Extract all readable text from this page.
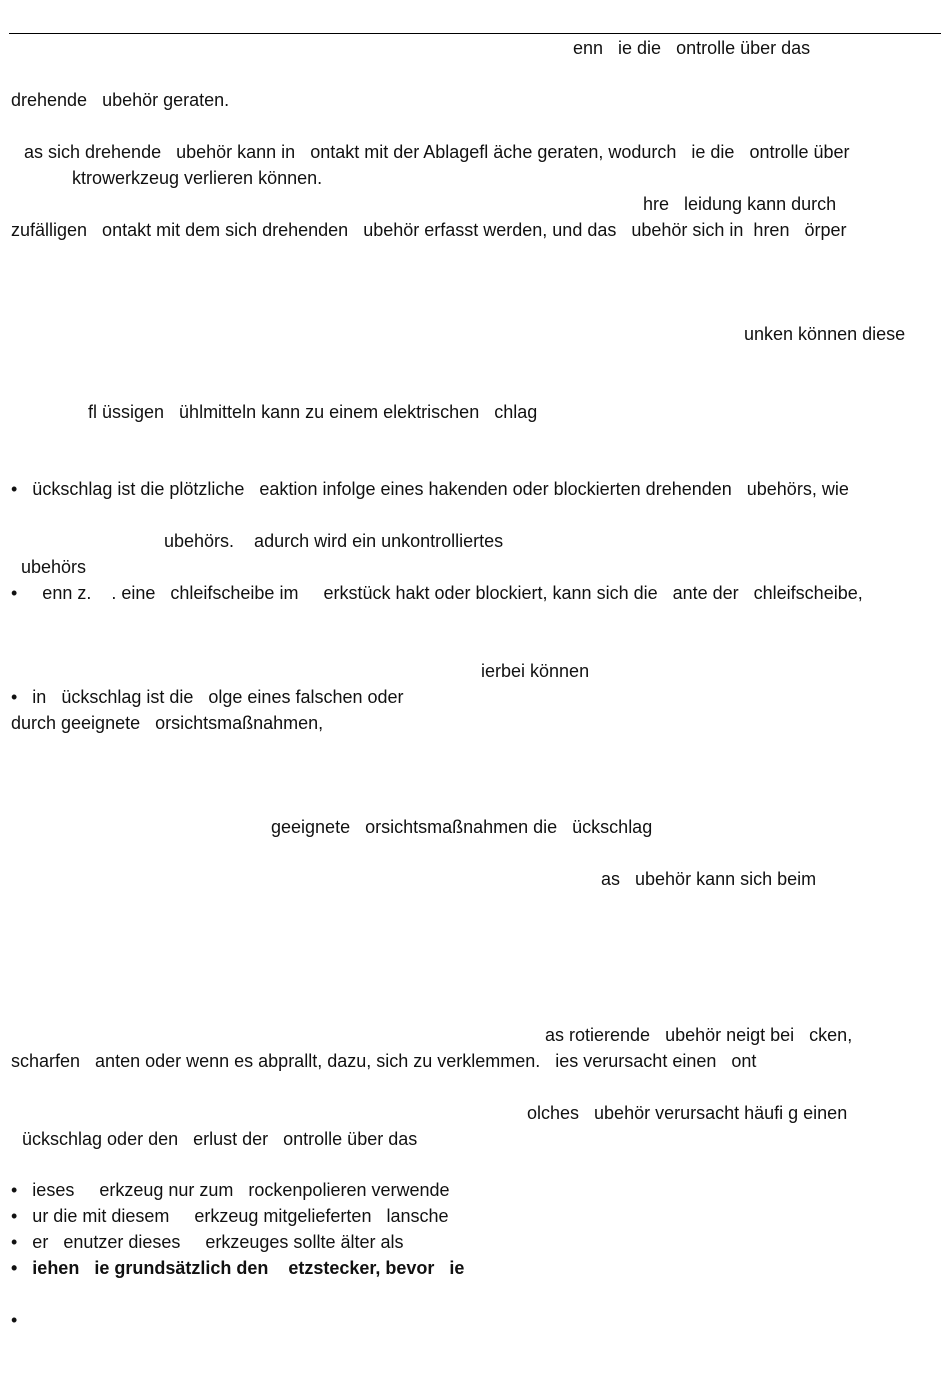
enn   ie die   ontrolle über das
drehende   ubehör geraten.
as sich drehende   ubehör kann in   ontakt mit der Ablagefl äche geraten, wodurch   ie die   ontrolle über
ktrowerkzeug verlieren können.
hre   leidung kann durch
zufälligen   ontakt mit dem sich drehenden   ubehör erfasst werden, und das   ubehör sich in  hren   örper
unken können diese
fl üssigen   ühlmitteln kann zu einem elektrischen   chlag
•   ückschlag ist die plötzliche   eaktion infolge eines hakenden oder blockierten drehenden   ubehörs, wie
ubehörs.    adurch wird ein unkontrolliertes
ubehörs
•     enn z.    . eine   chleifscheibe im     erkstück hakt oder blockiert, kann sich die   ante der   chleifscheibe,
ierbei können
•   in   ückschlag ist die   olge eines falschen oder
durch geeignete   orsichtsmaßnahmen,
geeignete   orsichtsmaßnahmen die   ückschlag
as   ubehör kann sich beim
as rotierende   ubehör neigt bei   cken,
scharfen   anten oder wenn es abprallt, dazu, sich zu verklemmen.   ies verursacht einen   ont
olches   ubehör verursacht häufi g einen
ückschlag oder den   erlust der   ontrolle über das
•   ieses     erkzeug nur zum   rockenpolieren verwende
•   ur die mit diesem     erkzeug mitgelieferten   lansche
•   er   enutzer dieses     erkzeuges sollte älter als
•   iehen   ie grundsätzlich den    etzstecker, bevor   ie
•
